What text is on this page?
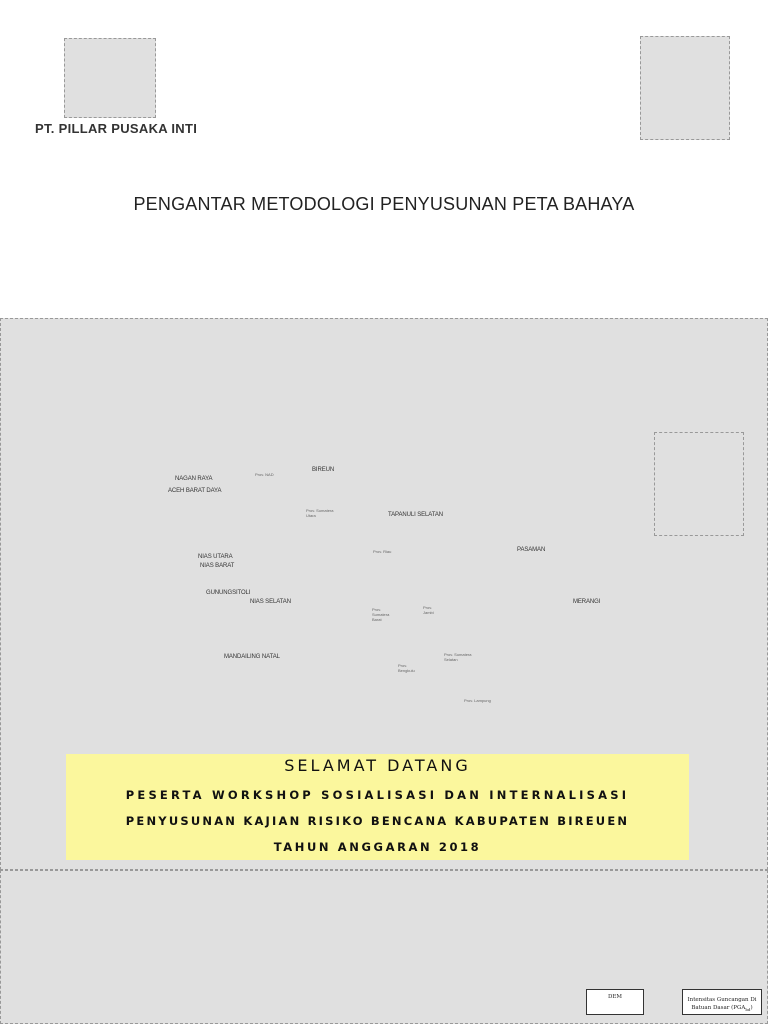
PT. PILLAR PUSAKA INTI
PENGANTAR METODOLOGI PENYUSUNAN PETA BAHAYA
BIREUN
NAGAN RAYA
ACEH BARAT DAYA
TAPANULI SELATAN
PASAMAN
NIAS UTARA
NIAS BARAT
GUNUNGSITOLI
NIAS SELATAN	MERANGI
MANDAILING NATAL
Prov. NAD
Prov. Sumatera Utara
Prov. Riau
Prov. Sumatera Barat
Prov. Jambi
Prov. Bengkulu
Prov. Sumatera Selatan
Prov. Lampung
SELAMAT DATANG
PESERTA WORKSHOP SOSIALISASI DAN INTERNALISASI
PENYUSUNAN KAJIAN RISIKO BENCANA KABUPATEN BIREUEN
TAHUN ANGGARAN 2018
•
•
DEM	Intensitas Guncangan Di
Batuan Dasar $(PGA_{bd})$
